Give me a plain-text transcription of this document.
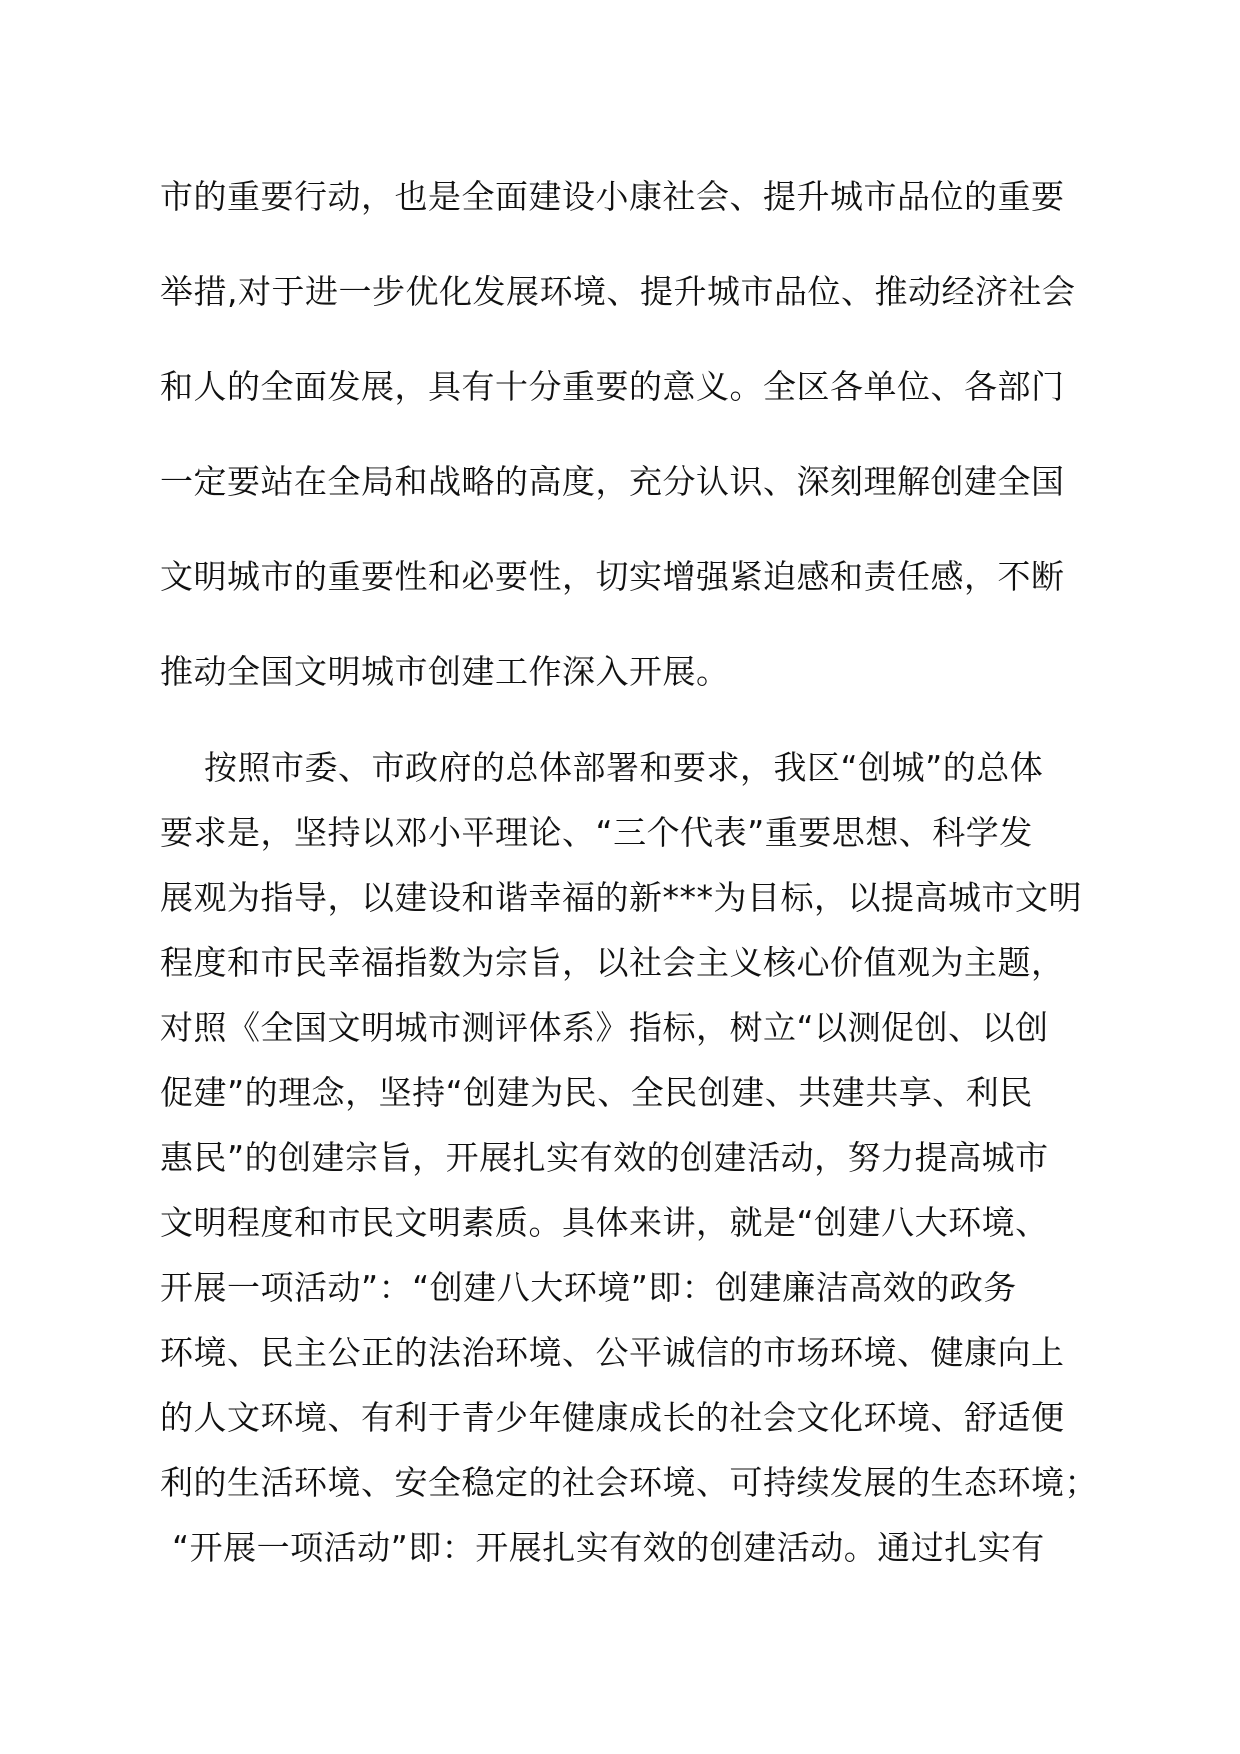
市的重要行动，也是全面建设小康社会、提升城市品位的重要
举措,对于进一步优化发展环境、提升城市品位、推动经济社会
和人的全面发展，具有十分重要的意义。全区各单位、各部门
一定要站在全局和战略的高度，充分认识、深刻理解创建全国
文明城市的重要性和必要性，切实增强紧迫感和责任感，不断
推动全国文明城市创建工作深入开展。
按照市委、市政府的总体部署和要求，我区“创城”的总体
要求是，坚持以邓小平理论、“三个代表”重要思想、科学发
展观为指导，以建设和谐幸福的新***为目标，以提高城市文明
程度和市民幸福指数为宗旨，以社会主义核心价值观为主题，
对照《全国文明城市测评体系》指标，树立“以测促创、以创
促建”的理念，坚持“创建为民、全民创建、共建共享、利民
惠民”的创建宗旨，开展扎实有效的创建活动，努力提高城市
文明程度和市民文明素质。具体来讲，就是“创建八大环境、
开展一项活动”：“创建八大环境”即：创建廉洁高效的政务
环境、民主公正的法治环境、公平诚信的市场环境、健康向上
的人文环境、有利于青少年健康成长的社会文化环境、舒适便
利的生活环境、安全稳定的社会环境、可持续发展的生态环境；
“开展一项活动”即：开展扎实有效的创建活动。通过扎实有
